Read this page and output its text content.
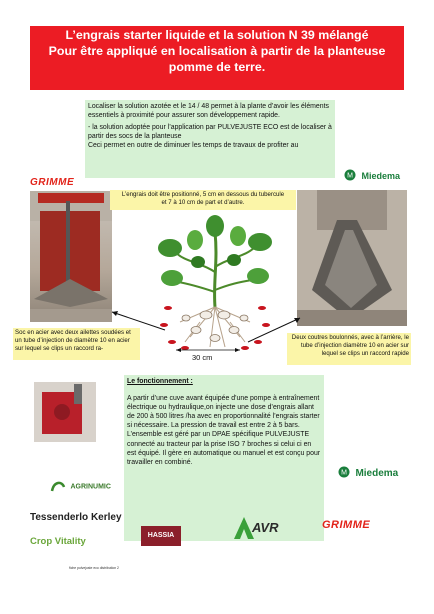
L’engrais starter liquide et la solution N 39 mélangé
Pour être appliqué en localisation à partir de la planteuse
pomme de terre.

Localiser la solution azotée et le 14 / 48 permet à la plante d’avoir les éléments essentiels à proximité pour assurer son développement rapide.

- la solution adoptée pour l’application par PULVEJUSTE ECO est de localiser à partir des socs de la planteuse

Ceci permet en outre de diminuer les temps de travaux de profiter au

GRIMME
M Miedema
L’engrais doit être positionné, 5 cm en dessous du tubercule
et 7 à 10 cm de part et d’autre.
30 cm
Soc en acier avec deux ailettes soudées et un tube d’injection de diamètre 10 en acier sur lequel se clips un raccord ra-
Deux coutres boulonnés, avec à l’arrière, le tube d’injection diamètre 10 en acier sur lequel se clips un raccord rapide
Le fonctionnement :
A partir d’une cuve avant équipée d’une pompe à entraînement électrique ou hydraulique,on injecte une dose d’engrais allant de 200 à 500 litres /ha avec en proportionnalité l’engrais starter si nécessaire. La pression de travail est entre 2 à 5 bars. L’ensemble est géré par un DPAE spécifique PULVEJUSTE connecté au tracteur par la prise ISO 7 broches si celui ci en est équipé. Il gère en automatique ou manuel et est conçu pour travailler en combiné.
M Miedema
AGRINUMIC
Tessenderlo Kerley
Crop Vitality
HASSIA
AVR	GRIMME
fiche pulvejuste eco distribution 2
